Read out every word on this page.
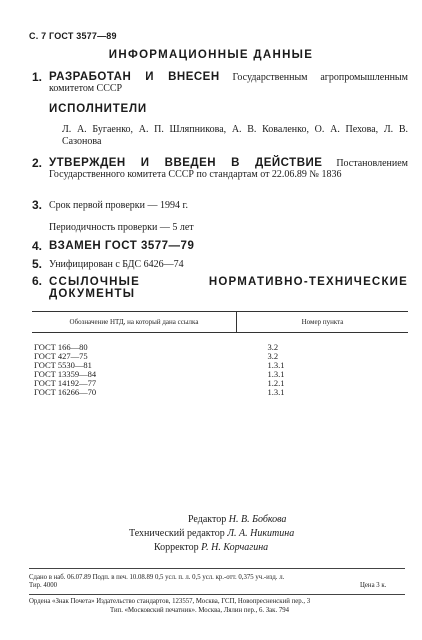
С. 7 ГОСТ 3577—89
ИНФОРМАЦИОННЫЕ ДАННЫЕ
1. РАЗРАБОТАН И ВНЕСЕН Государственным агропромышленным комитетом СССР
ИСПОЛНИТЕЛИ
Л. А. Бугаенко, А. П. Шляпникова, А. В. Коваленко, О. А. Пехова, Л. В. Сазонова
2. УТВЕРЖДЕН И ВВЕДЕН В ДЕЙСТВИЕ Постановлением Государственного комитета СССР по стандартам от 22.06.89 № 1836
3. Срок первой проверки — 1994 г.
Периодичность проверки — 5 лет
4. ВЗАМЕН ГОСТ 3577—79
5. Унифицирован с БДС 6426—74
6. ССЫЛОЧНЫЕ НОРМАТИВНО-ТЕХНИЧЕСКИЕ ДОКУМЕНТЫ
Обозначение НТД, на который дана ссылка	Номер пункта
ГОСТ 166—80	3.2
ГОСТ 427—75	3.2
ГОСТ 5530—81	1.3.1
ГОСТ 13359—84	1.3.1
ГОСТ 14192—77	1.2.1
ГОСТ 16266—70	1.3.1
Редактор Н. В. Бобкова
Технический редактор Л. А. Никитина
Корректор Р. Н. Корчагина
Сдано в наб. 06.07.89 Подп. в печ. 10.08.89 0,5 усл. п. л. 0,5 усл. кр.-отт. 0,375 уч.-изд. л.
Тир. 4000	Цена 3 к.
Ордена «Знак Почета» Издательство стандартов, 123557, Москва, ГСП, Новопресненский пер., 3
Тип. «Московский печатник». Москва, Лялин пер., 6. Зак. 794
